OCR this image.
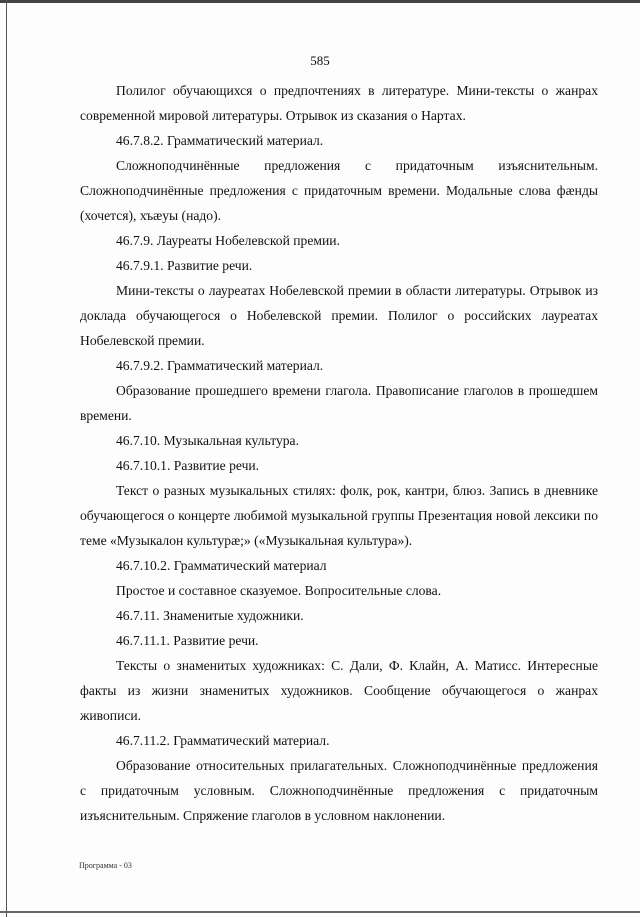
585

Полилог обучающихся о предпочтениях в литературе. Мини-тексты о жанрах современной мировой литературы. Отрывок из сказания о Нартах.

46.7.8.2. Грамматический материал.

Сложноподчинённые предложения с придаточным изъяснительным. Сложноподчинённые предложения с придаточным времени. Модальные слова фæнды (хочется), хъæуы (надо).

46.7.9. Лауреаты Нобелевской премии.

46.7.9.1. Развитие речи.

Мини-тексты о лауреатах Нобелевской премии в области литературы. Отрывок из доклада обучающегося о Нобелевской премии. Полилог о российских лауреатах Нобелевской премии.

46.7.9.2. Грамматический материал.

Образование прошедшего времени глагола. Правописание глаголов в прошедшем времени.

46.7.10. Музыкальная культура.

46.7.10.1. Развитие речи.

Текст о разных музыкальных стилях: фолк, рок, кантри, блюз. Запись в дневнике обучающегося о концерте любимой музыкальной группы Презентация новой лексики по теме «Музыкалон культурæ;» («Музыкальная культура»).

46.7.10.2. Грамматический материал

Простое и составное сказуемое. Вопросительные слова.

46.7.11. Знаменитые художники.

46.7.11.1. Развитие речи.

Тексты о знаменитых художниках: С. Дали, Ф. Клайн, А. Матисс. Интересные факты из жизни знаменитых художников. Сообщение обучающегося о жанрах живописи.

46.7.11.2. Грамматический материал.

Образование относительных прилагательных. Сложноподчинённые предложения с придаточным условным. Сложноподчинённые предложения с придаточным изъяснительным. Спряжение глаголов в условном наклонении.

Программа - 03
